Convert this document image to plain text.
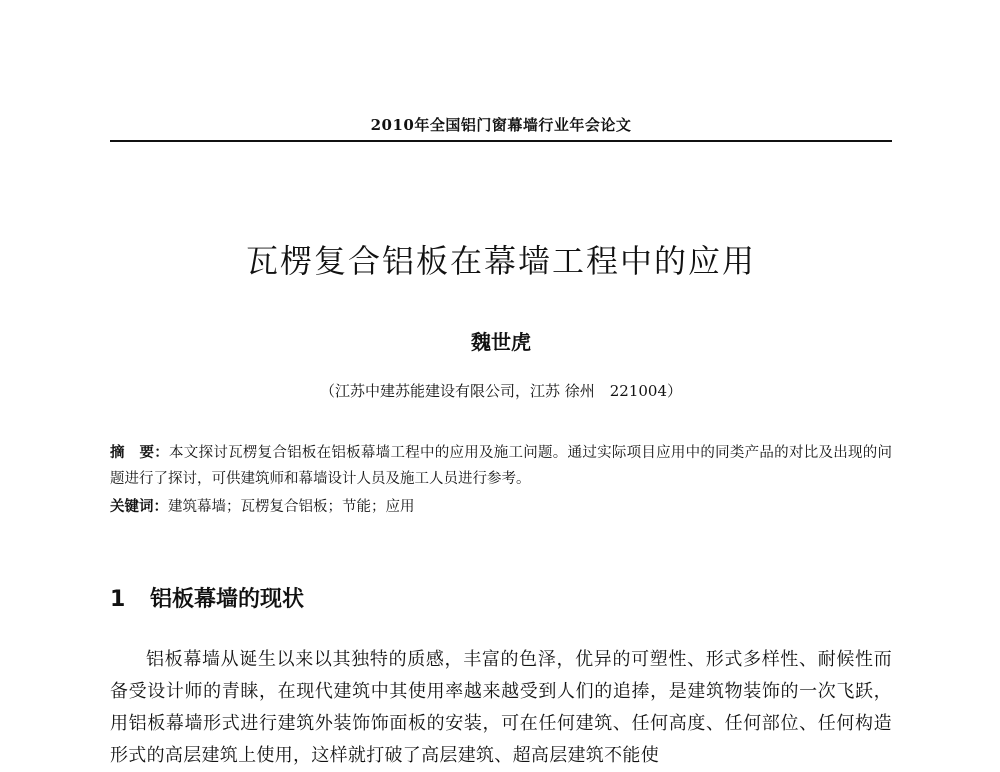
2010年全国铝门窗幕墙行业年会论文
瓦楞复合铝板在幕墙工程中的应用
魏世虎
（江苏中建苏能建设有限公司，江苏 徐州　221004）
摘　要：本文探讨瓦楞复合铝板在铝板幕墙工程中的应用及施工问题。通过实际项目应用中的同类产品的对比及出现的问题进行了探讨，可供建筑师和幕墙设计人员及施工人员进行参考。
关键词：建筑幕墙；瓦楞复合铝板；节能；应用
1 铝板幕墙的现状
铝板幕墙从诞生以来以其独特的质感，丰富的色泽，优异的可塑性、形式多样性、耐候性而备受设计师的青睐，在现代建筑中其使用率越来越受到人们的追捧，是建筑物装饰的一次飞跃，用铝板幕墙形式进行建筑外装饰饰面板的安装，可在任何建筑、任何高度、任何部位、任何构造形式的高层建筑上使用，这样就打破了高层建筑、超高层建筑不能使
